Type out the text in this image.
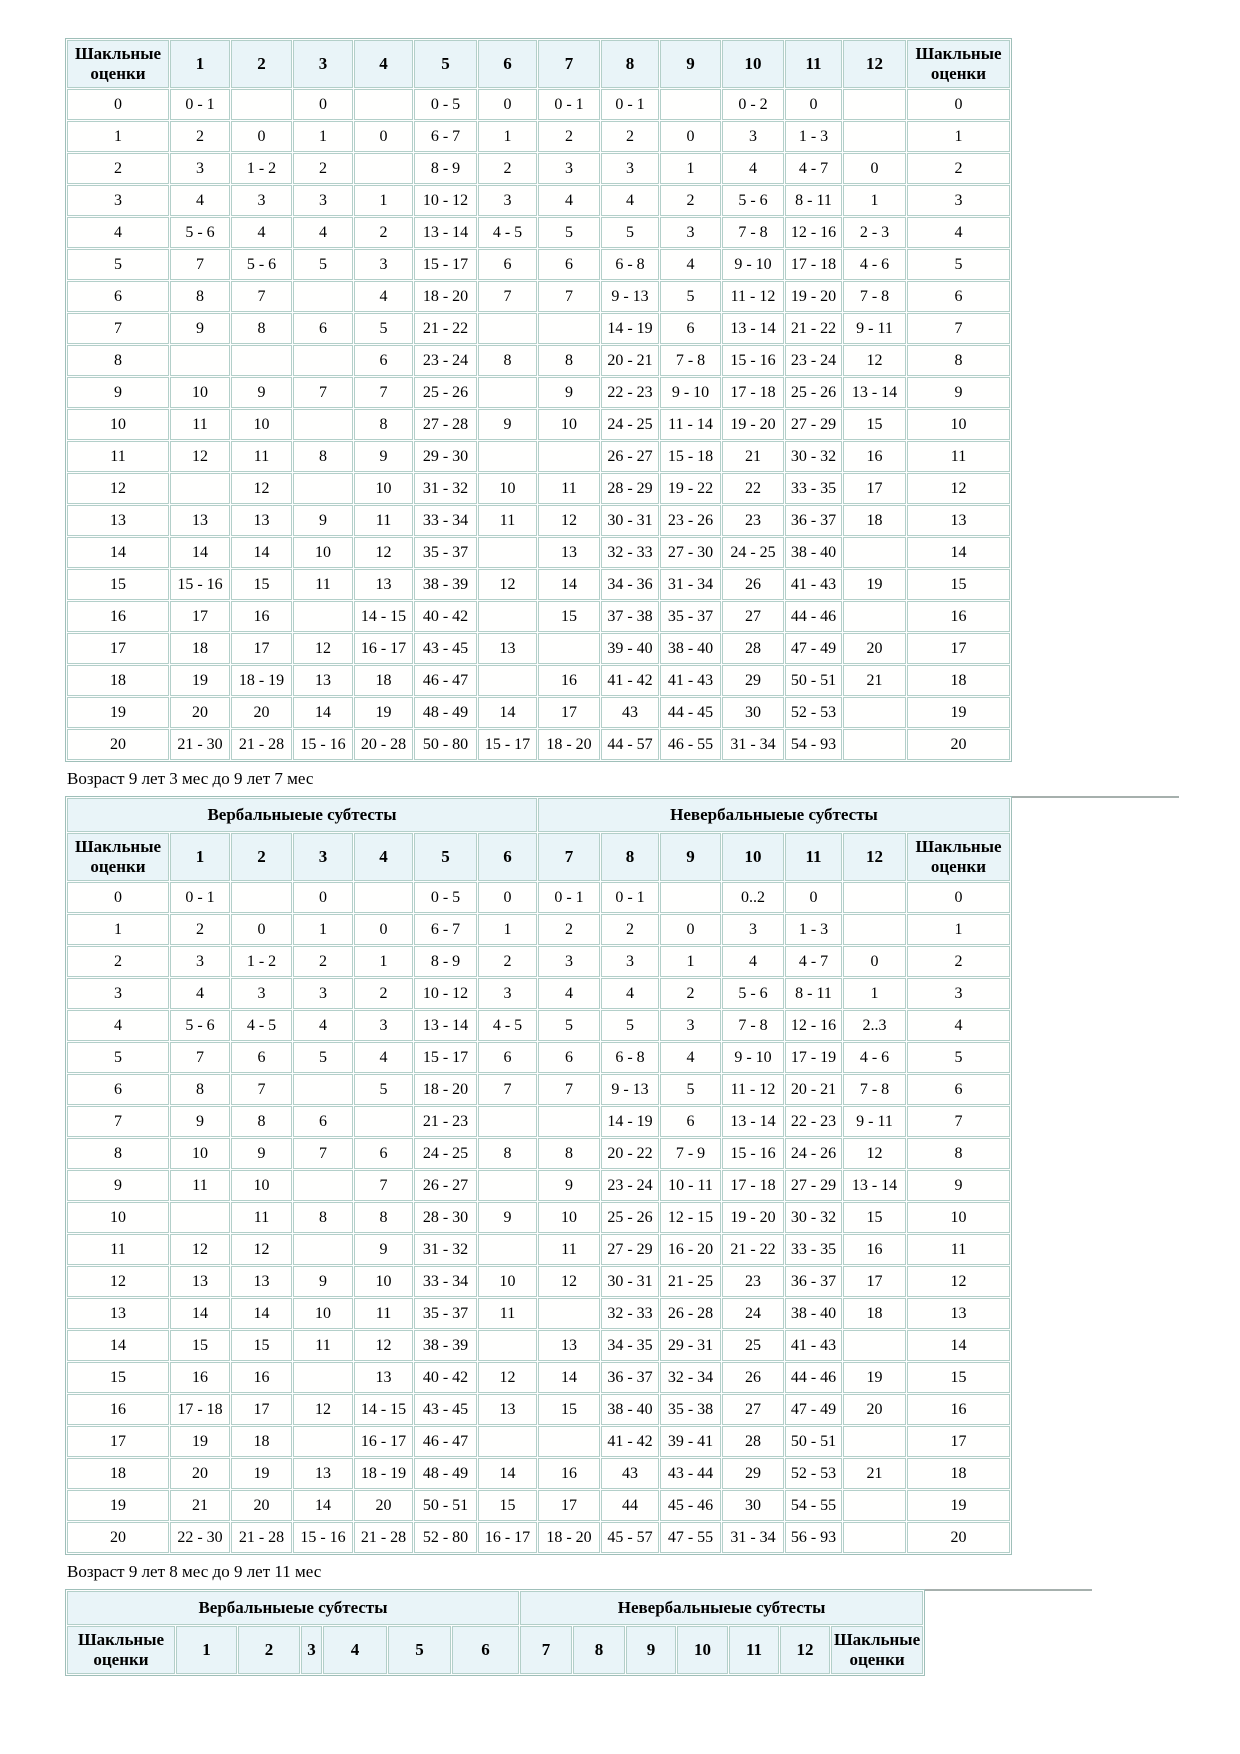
Шакльные оценки	1	2	3	4	5	6	7	8	9	10	11	12	Шакльные оценки
0	0 - 1		0		0 - 5	0	0 - 1	0 - 1		0 - 2	0		0
1	2	0	1	0	6 - 7	1	2	2	0	3	1 - 3		1
2	3	1 - 2	2		8 - 9	2	3	3	1	4	4 - 7	0	2
3	4	3	3	1	10 - 12	3	4	4	2	5 - 6	8 - 11	1	3
4	5 - 6	4	4	2	13 - 14	4 - 5	5	5	3	7 - 8	12 - 16	2 - 3	4
5	7	5 - 6	5	3	15 - 17	6	6	6 - 8	4	9 - 10	17 - 18	4 - 6	5
6	8	7		4	18 - 20	7	7	9 - 13	5	11 - 12	19 - 20	7 - 8	6
7	9	8	6	5	21 - 22			14 - 19	6	13 - 14	21 - 22	9 - 11	7
8				6	23 - 24	8	8	20 - 21	7 - 8	15 - 16	23 - 24	12	8
9	10	9	7	7	25 - 26		9	22 - 23	9 - 10	17 - 18	25 - 26	13 - 14	9
10	11	10		8	27 - 28	9	10	24 - 25	11 - 14	19 - 20	27 - 29	15	10
11	12	11	8	9	29 - 30			26 - 27	15 - 18	21	30 - 32	16	11
12		12		10	31 - 32	10	11	28 - 29	19 - 22	22	33 - 35	17	12
13	13	13	9	11	33 - 34	11	12	30 - 31	23 - 26	23	36 - 37	18	13
14	14	14	10	12	35 - 37		13	32 - 33	27 - 30	24 - 25	38 - 40		14
15	15 - 16	15	11	13	38 - 39	12	14	34 - 36	31 - 34	26	41 - 43	19	15
16	17	16		14 - 15	40 - 42		15	37 - 38	35 - 37	27	44 - 46		16
17	18	17	12	16 - 17	43 - 45	13		39 - 40	38 - 40	28	47 - 49	20	17
18	19	18 - 19	13	18	46 - 47		16	41 - 42	41 - 43	29	50 - 51	21	18
19	20	20	14	19	48 - 49	14	17	43	44 - 45	30	52 - 53		19
20	21 - 30	21 - 28	15 - 16	20 - 28	50 - 80	15 - 17	18 - 20	44 - 57	46 - 55	31 - 34	54 - 93		20

Возраст 9 лет 3 мес до 9 лет 7 мес

Вербальныеые субтесты							Невербальныеые субтесты						
Шакльные оценки	1	2	3	4	5	6	7	8	9	10	11	12	Шакльные оценки
0	0 - 1		0		0 - 5	0	0 - 1	0 - 1		0..2	0		0
1	2	0	1	0	6 - 7	1	2	2	0	3	1 - 3		1
2	3	1 - 2	2	1	8 - 9	2	3	3	1	4	4 - 7	0	2
3	4	3	3	2	10 - 12	3	4	4	2	5 - 6	8 - 11	1	3
4	5 - 6	4 - 5	4	3	13 - 14	4 - 5	5	5	3	7 - 8	12 - 16	2..3	4
5	7	6	5	4	15 - 17	6	6	6 - 8	4	9 - 10	17 - 19	4 - 6	5
6	8	7		5	18 - 20	7	7	9 - 13	5	11 - 12	20 - 21	7 - 8	6
7	9	8	6		21 - 23			14 - 19	6	13 - 14	22 - 23	9 - 11	7
8	10	9	7	6	24 - 25	8	8	20 - 22	7 - 9	15 - 16	24 - 26	12	8
9	11	10		7	26 - 27		9	23 - 24	10 - 11	17 - 18	27 - 29	13 - 14	9
10		11	8	8	28 - 30	9	10	25 - 26	12 - 15	19 - 20	30 - 32	15	10
11	12	12		9	31 - 32		11	27 - 29	16 - 20	21 - 22	33 - 35	16	11
12	13	13	9	10	33 - 34	10	12	30 - 31	21 - 25	23	36 - 37	17	12
13	14	14	10	11	35 - 37	11		32 - 33	26 - 28	24	38 - 40	18	13
14	15	15	11	12	38 - 39		13	34 - 35	29 - 31	25	41 - 43		14
15	16	16		13	40 - 42	12	14	36 - 37	32 - 34	26	44 - 46	19	15
16	17 - 18	17	12	14 - 15	43 - 45	13	15	38 - 40	35 - 38	27	47 - 49	20	16
17	19	18		16 - 17	46 - 47			41 - 42	39 - 41	28	50 - 51		17
18	20	19	13	18 - 19	48 - 49	14	16	43	43 - 44	29	52 - 53	21	18
19	21	20	14	20	50 - 51	15	17	44	45 - 46	30	54 - 55		19
20	22 - 30	21 - 28	15 - 16	21 - 28	52 - 80	16 - 17	18 - 20	45 - 57	47 - 55	31 - 34	56 - 93		20

Возраст 9 лет 8 мес до 9 лет 11 мес

Вербальныеые субтесты							Невербальныеые субтесты						
Шакльные оценки	1	2	3	4	5	6	7	8	9	10	11	12	Шакльные оценки
